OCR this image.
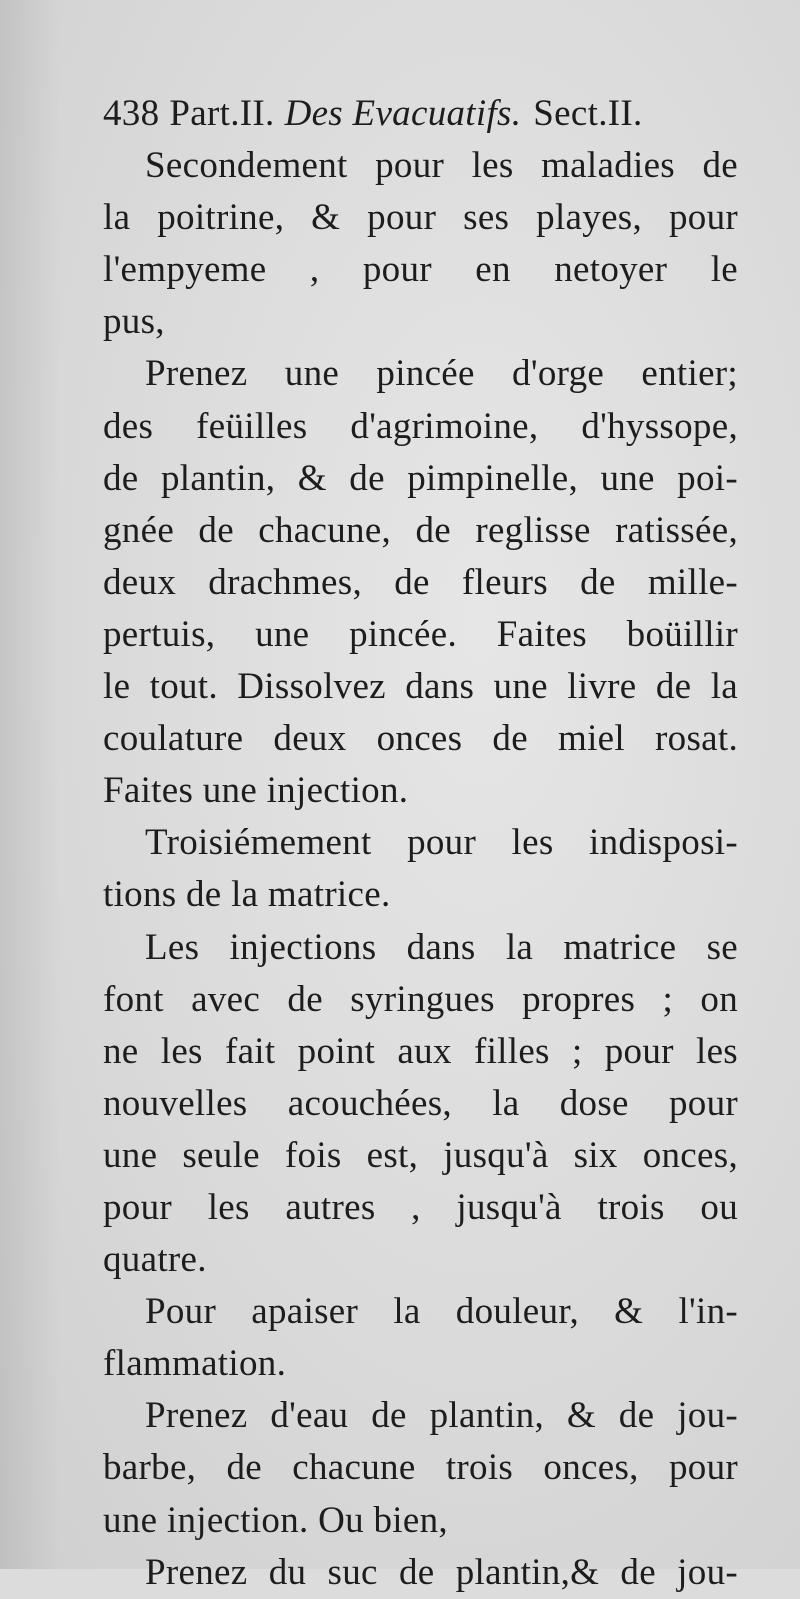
438 Part.II. Des Evacuatifs. Sect.II.
Secondement pour les maladies de
la poitrine, & pour ses playes, pour
l'empyeme , pour en netoyer le
pus,
Prenez une pincée d'orge entier;
des feüilles d'agrimoine, d'hyssope,
de plantin, & de pimpinelle, une poi-
gnée de chacune, de reglisse ratissée,
deux drachmes, de fleurs de mille-
pertuis, une pincée. Faites boüillir
le tout. Dissolvez dans une livre de la
coulature deux onces de miel rosat.
Faites une injection.
Troisiémement pour les indisposi-
tions de la matrice.
Les injections dans la matrice se
font avec de syringues propres ; on
ne les fait point aux filles ; pour les
nouvelles acouchées, la dose pour
une seule fois est, jusqu'à six onces,
pour les autres , jusqu'à trois ou
quatre.
Pour apaiser la douleur, & l'in-
flammation.
Prenez d'eau de plantin, & de jou-
barbe, de chacune trois onces, pour
une injection. Ou bien,
Prenez du suc de plantin,& de jou-
